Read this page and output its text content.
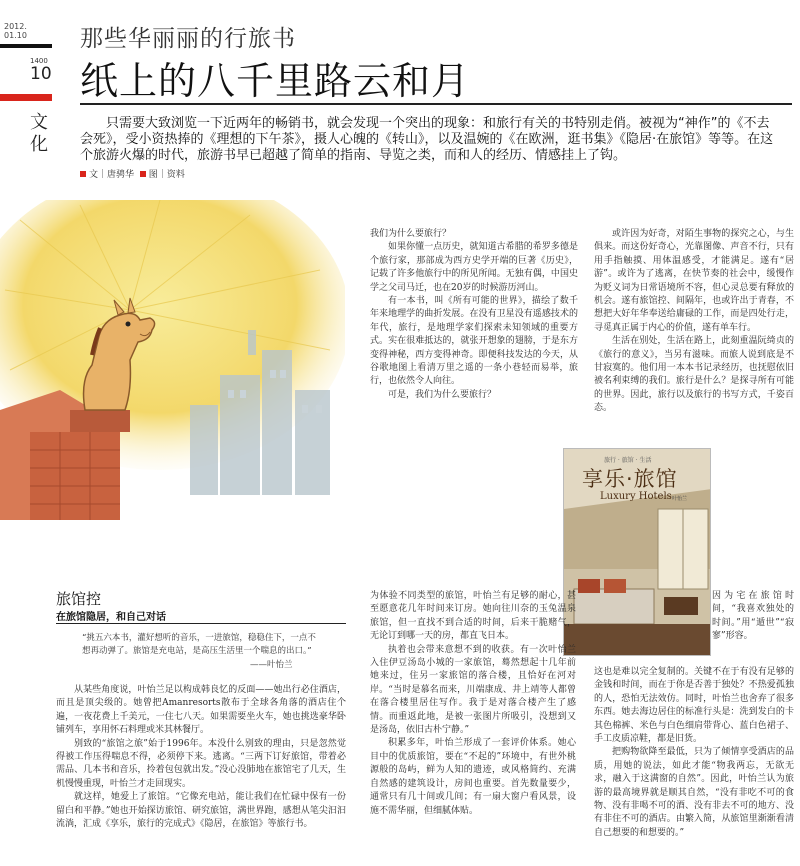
2012.
01.10
1400
10
文
化
那些华丽丽的行旅书
纸上的八千里路云和月
只需要大致浏览一下近两年的畅销书，就会发现一个突出的现象：和旅行有关的书特别走俏。被视为“神作”的《不去会死》，受小资热捧的《理想的下午茶》，摄人心魄的《转山》，以及温婉的《在欧洲，逛书集》《隐居·在旅馆》等等。在这个旅游火爆的时代，旅游书早已超越了简单的指南、导览之类，而和人的经历、情感挂上了钩。
文｜唐骋华 图｜资料

我们为什么要旅行？

如果你懂一点历史，就知道古希腊的希罗多德是个旅行家，那部成为西方史学开端的巨著《历史》，记载了许多他旅行中的所见所闻。无独有偶，中国史学之父司马迁，也在20岁的时候游历河山。

有一本书，叫《所有可能的世界》，描绘了数千年来地理学的曲折发展。在没有卫星没有遥感技术的年代，旅行，是地理学家们探索未知领域的重要方式。实在很难抵达的，就张开想象的翅膀，于是东方变得神秘，西方变得神奇。即便科技发达的今天，从谷歌地图上看清万里之遥的一条小巷轻而易举，旅行，也依然令人向往。

可是，我们为什么要旅行？

或许因为好奇，对陌生事物的探究之心，与生俱来。而这份好奇心，光靠图像、声音不行，只有用手指触摸、用体温感受，才能满足。遂有“居游”。或许为了逃离，在快节奏的社会中，缓慢作为贬义词为日常语境所不容，但心灵总要有释放的机会。遂有旅馆控、间隔年，也或许出于青春，不想把大好年华奉送给庸碌的工作，而是四处行走，寻觅真正属于内心的价值，遂有单车行。

生活在别处，生活在路上，此刻重温阮绮贞的《旅行的意义》，当另有滋味。而旅人说到底是不甘寂寞的。他们用一本本书记录经历，也抚慰依旧被名利束缚的我们。旅行是什么？是探寻所有可能的世界。因此，旅行以及旅行的书写方式，千姿百态。

旅行 · 旅馆 · 生活
享乐·旅馆
Luxury Hotels 叶怡兰
旅馆控
在旅馆隐居，和自己对话
“挑五六本书，灌好想听的音乐，一进旅馆，稳稳住下，一点不想再动弹了。旅馆是充电站，是高压生活里一个喘息的出口。”
——叶怡兰

从某些角度说，叶怡兰足以构成韩良忆的反面——她出行必住酒店，而且是顶尖级的。她曾把Amanresorts散布于全球各角落的酒店住个遍，一夜花费上千美元，一住七八天。如果需要坐火车，她也挑选豪华卧铺列车，享用怀石料理或米其林餐厅。

别致的“旅馆之旅”始于1996年。本没什么别致的理由，只是忽然觉得被工作压得喘息不得，必须停下来。逃离。“三两下订好旅馆，带着必需品、几本书和音乐，拎着包包就出发。”没心没肺地在旅馆宅了几天，生机慢慢重现，叶怡兰才走回现实。

就这样，她爱上了旅馆。“它像充电站，能让我们在忙碌中保有一份留白和平静。”她也开始探访旅馆、研究旅馆，满世界跑，感想从笔尖汩汩流淌，汇成《享乐，旅行的完成式》《隐居，在旅馆》等旅行书。

为体验不同类型的旅馆，叶怡兰有足够的耐心，甚至愿意花几年时间来订房。她向往川奈的玉兔温泉旅馆，但一直找不到合适的时间，后来干脆赌气，无论订到哪一天的房，都直飞日本。

执着也会带来意想不到的收获。有一次叶怡兰入住伊豆汤岛小城的一家旅馆，蓦然想起十几年前她来过，住另一家旅馆的落合楼，且恰好在河对岸。“当时是慕名而来，川端康成、井上靖等人都曾在落合楼里居住写作。我于是对落合楼产生了感情。而重返此地，是被一张图片所吸引，没想到又是汤岛，依旧古朴宁静。”

积累多年，叶怡兰形成了一套评价体系。她心目中的优质旅馆，要在“不起的”环境中，有世外桃源般的岛屿，鲜为人知的遗迹，或风格简约、充满自然感的建筑设计，房间也重要。首先数量要少，通常只有几十间或几间；有一扇大窗户看风景，设施不需华丽，但细腻体贴。

因为宅在旅馆时间，“我喜欢独处的时间。”用“遁世”“寂寥”形容。

这也是难以完全复制的。关键不在于有没有足够的金钱和时间，而在于你是否善于独处？不热爱孤独的人，恐怕无法效仿。同时，叶怡兰也舍弃了很多东西。她去海边居住的标准行头是：洗到发白的卡其色棉裤、米色与白色细肩带背心、蓝白色裙子、手工皮质凉鞋，都是旧货。

把购物欲降至最低，只为了倾情享受酒店的品质，用她的说法，如此才能“物我两忘，无欲无求，融入于这满窗的自然”。因此，叶怡兰认为旅游的最高境界就是顺其自然，“没有非吃不可的食物、没有非喝不可的酒、没有非去不可的地方、没有非住不可的酒店。由繁入简，从旅馆里渐渐看清自己想要的和想要的。”
